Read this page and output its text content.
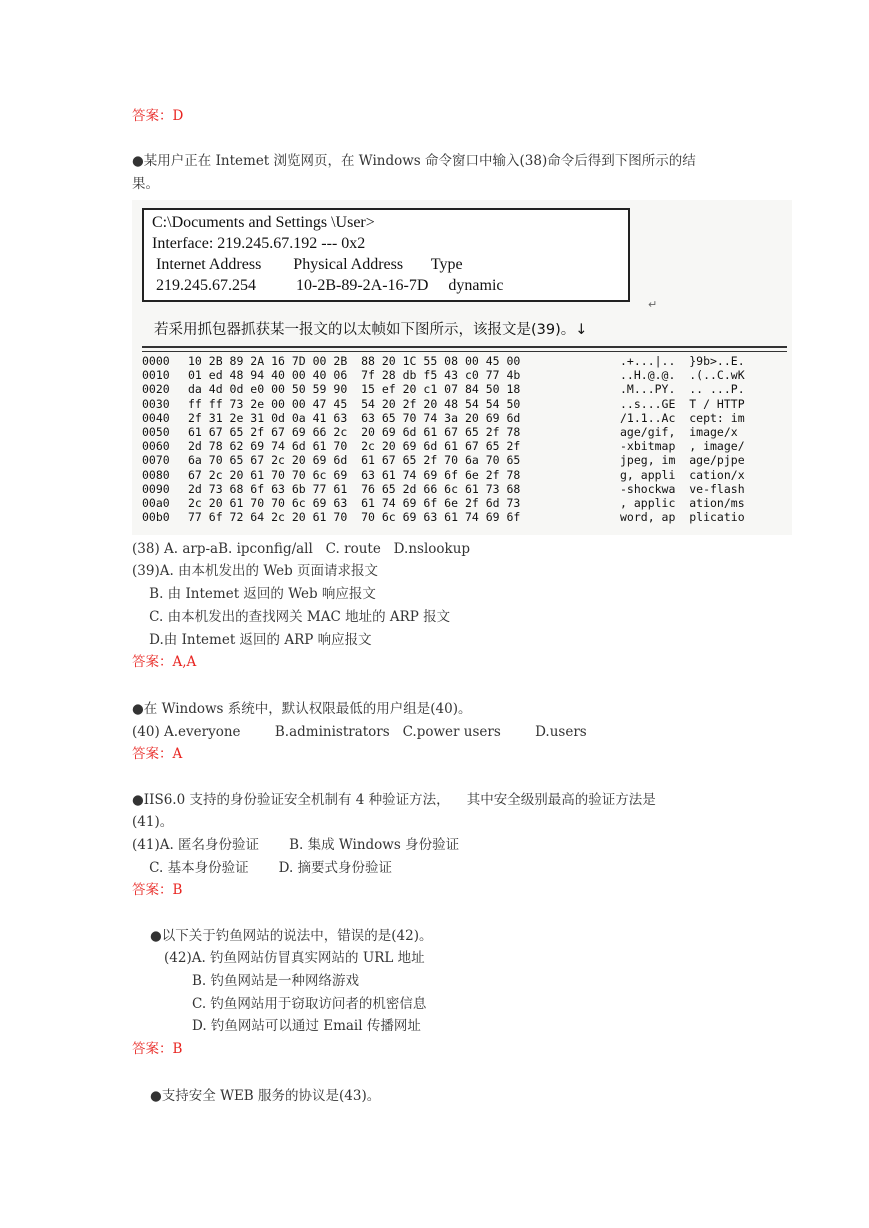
答案：D
●某用户正在 Intemet 浏览网页，在 Windows 命令窗口中输入(38)命令后得到下图所示的结
果。
C:\Documents and Settings \User>
Interface: 219.245.67.192 --- 0x2
Internet Address        Physical Address       Type
219.245.67.254          10-2B-89-2A-16-7D     dynamic
↵
若采用抓包器抓获某一报文的以太帧如下图所示，该报文是(39)。↓
0000 10 2B 89 2A 16 7D 00 2B  88 20 1C 55 08 00 45 00	.+...|..  }9b>..E.
0010 01 ed 48 94 40 00 40 06  7f 28 db f5 43 c0 77 4b	..H.@.@.  .(..C.wK
0020 da 4d 0d e0 00 50 59 90  15 ef 20 c1 07 84 50 18	.M...PY.  .. ...P.
0030 ff ff 73 2e 00 00 47 45  54 20 2f 20 48 54 54 50	..s...GE  T / HTTP
0040 2f 31 2e 31 0d 0a 41 63  63 65 70 74 3a 20 69 6d	/1.1..Ac  cept: im
0050 61 67 65 2f 67 69 66 2c  20 69 6d 61 67 65 2f 78	age/gif,  image/x
0060 2d 78 62 69 74 6d 61 70  2c 20 69 6d 61 67 65 2f	-xbitmap  , image/
0070 6a 70 65 67 2c 20 69 6d  61 67 65 2f 70 6a 70 65	jpeg, im  age/pjpe
0080 67 2c 20 61 70 70 6c 69  63 61 74 69 6f 6e 2f 78	g, appli  cation/x
0090 2d 73 68 6f 63 6b 77 61  76 65 2d 66 6c 61 73 68	-shockwa  ve-flash
00a0 2c 20 61 70 70 6c 69 63  61 74 69 6f 6e 2f 6d 73	, applic  ation/ms
00b0 77 6f 72 64 2c 20 61 70  70 6c 69 63 61 74 69 6f	word, ap  plicatio
(38) A. arp-aB. ipconfig/all   C. route   D.nslookup
(39)A. 由本机发出的 Web 页面请求报文
B. 由 Intemet 返回的 Web 响应报文
C. 由本机发出的查找网关 MAC 地址的 ARP 报文
D.由 Intemet 返回的 ARP 响应报文
答案：A,A
●在 Windows 系统中，默认权限最低的用户组是(40)。
(40) A.everyone        B.administrators   C.power users        D.users
答案：A
●IIS6.0 支持的身份验证安全机制有 4 种验证方法，    其中安全级别最高的验证方法是
(41)。
(41)A. 匿名身份验证       B. 集成 Windows 身份验证
C. 基本身份验证       D. 摘要式身份验证
答案：B
●以下关于钓鱼网站的说法中，错误的是(42)。
(42)A. 钓鱼网站仿冒真实网站的 URL 地址
B. 钓鱼网站是一种网络游戏
C. 钓鱼网站用于窃取访问者的机密信息
D. 钓鱼网站可以通过 Email 传播网址
答案：B
●支持安全 WEB 服务的协议是(43)。
